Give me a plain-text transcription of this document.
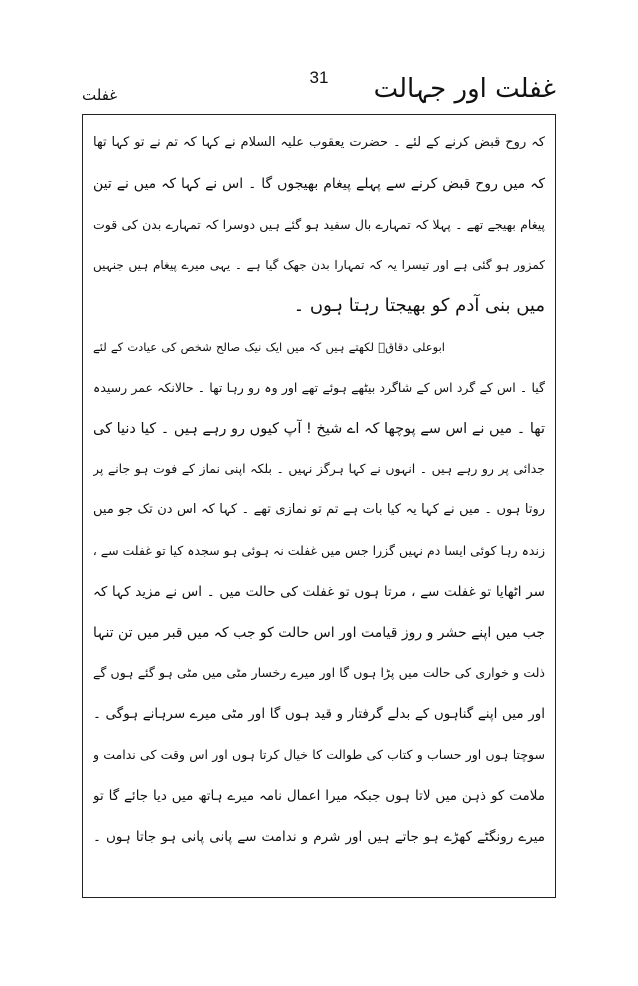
غفلت اور جہالت
31
غفلت
کہ روح قبض کرنے کے لئے ۔ حضرت یعقوب علیہ السلام نے کہا کہ تم نے تو کہا تھا
کہ میں روح قبض کرنے سے پہلے پیغام بھیجوں گا ۔ اس نے کہا کہ میں نے تین
پیغام بھیجے تھے ۔ پہلا کہ تمہارے بال سفید ہو گئے ہیں دوسرا کہ تمہارے بدن کی قوت
کمزور ہو گئی ہے اور تیسرا یہ کہ تمہارا بدن جھک گیا ہے ۔ یہی میرے پیغام ہیں جنہیں
میں بنی آدم کو بھیجتا رہتا ہوں ۔
ابوعلی دقاقؒ لکھتے ہیں کہ میں ایک نیک صالح شخص کی عیادت کے لئے
گیا ۔ اس کے گرد اس کے شاگرد بیٹھے ہوئے تھے اور وہ رو رہا تھا ۔ حالانکہ عمر رسیدہ
تھا ۔ میں نے اس سے پوچھا کہ اے شیخ ! آپ کیوں رو رہے ہیں ۔ کیا دنیا کی
جدائی پر رو رہے ہیں ۔ انہوں نے کہا ہرگز نہیں ۔ بلکہ اپنی نماز کے فوت ہو جانے پر
روتا ہوں ۔ میں نے کہا یہ کیا بات ہے تم تو نمازی تھے ۔ کہا کہ اس دن تک جو میں
زندہ رہا کوئی ایسا دم نہیں گزرا جس میں غفلت نہ ہوئی ہو سجدہ کیا تو غفلت سے ،
سر اٹھایا تو غفلت سے ، مرتا ہوں تو غفلت کی حالت میں ۔ اس نے مزید کہا کہ
جب میں اپنے حشر و روز قیامت اور اس حالت کو جب کہ میں قبر میں تن تنہا
ذلت و خواری کی حالت میں پڑا ہوں گا اور میرے رخسار مٹی میں مٹی ہو گئے ہوں گے
اور میں اپنے گناہوں کے بدلے گرفتار و قید ہوں گا اور مٹی میرے سرہانے ہوگی ۔
سوچتا ہوں اور حساب و کتاب کی طوالت کا خیال کرتا ہوں اور اس وقت کی ندامت و
ملامت کو ذہن میں لاتا ہوں جبکہ میرا اعمال نامہ میرے ہاتھ میں دیا جائے گا تو
میرے رونگٹے کھڑے ہو جاتے ہیں اور شرم و ندامت سے پانی پانی ہو جاتا ہوں ۔
